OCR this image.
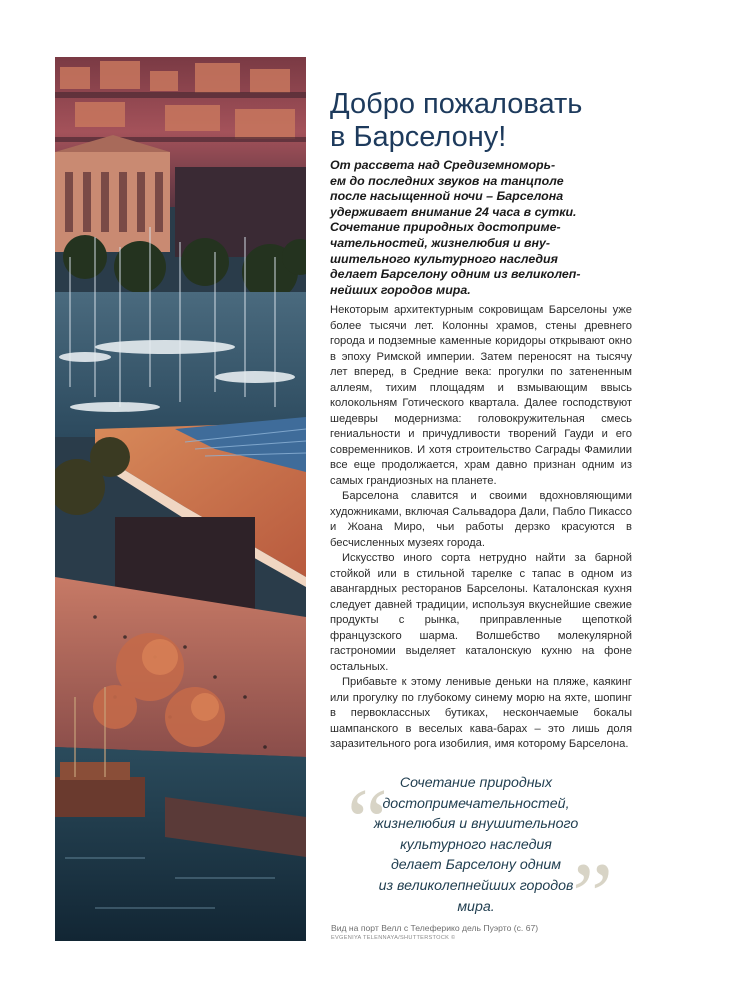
Добро пожаловать
в Барселону!

От рассвета над Средиземноморь-
ем до последних звуков на танцполе
после насыщенной ночи – Барселона
удерживает внимание 24 часа в сутки.
Сочетание природных достоприме-
чательностей, жизнелюбия и вну-
шительного культурного наследия
делает Барселону одним из великолеп-
нейших городов мира.

Некоторым архитектурным сокровищам Барселоны уже более тысячи лет. Колонны храмов, стены древнего города и подземные каменные коридоры открывают окно в эпоху Римской империи. Затем переносят на тысячу лет вперед, в Средние века: прогулки по затененным аллеям, тихим площадям и взмывающим ввысь колокольням Готического квартала. Далее господствуют шедевры модернизма: головокружительная смесь гениальности и причудливости творений Гауди и его современников. И хотя строительство Саграды Фамилии все еще продолжается, храм давно признан одним из самых грандиозных на планете.

Барселона славится и своими вдохновляющими художниками, включая Сальвадора Дали, Пабло Пикассо и Жоана Миро, чьи работы дерзко красуются в бесчисленных музеях города.

Искусство иного сорта нетрудно найти за барной стойкой или в стильной тарелке с тапас в одном из авангардных ресторанов Барселоны. Каталонская кухня следует давней традиции, используя вкуснейшие свежие продукты с рынка, приправленные щепоткой французского шарма. Волшебство молекулярной гастрономии выделяет каталонскую кухню на фоне остальных.

Прибавьте к этому ленивые деньки на пляже, каякинг или прогулку по глубокому синему морю на яхте, шопинг в первоклассных бутиках, нескончаемые бокалы шампанского в веселых кава-барах – это лишь доля заразительного рога изобилия, имя которому Барселона.

“
”

Сочетание природных
достопримечательностей,
жизнелюбия и внушительного
культурного наследия
делает Барселону одним
из великолепнейших городов
мира.

Вид на порт Велл с Телеферико дель Пуэрто (с. 67)
EVGENIYA TELENNAYA/SHUTTERSTOCK ©
